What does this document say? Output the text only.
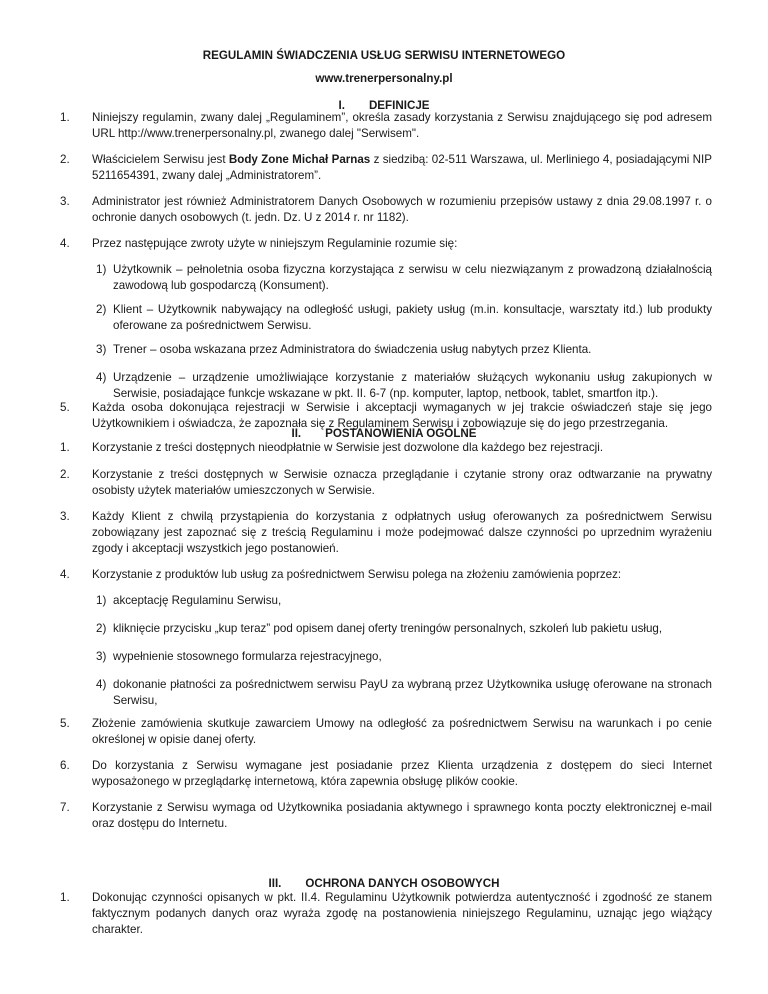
REGULAMIN ŚWIADCZENIA USŁUG SERWISU INTERNETOWEGO
www.trenerpersonalny.pl
I. DEFINICJE
1.	Niniejszy regulamin, zwany dalej „Regulaminem”, określa zasady korzystania z Serwisu znajdującego się pod adresem URL http://www.trenerpersonalny.pl, zwanego dalej "Serwisem".
2.	Właścicielem Serwisu jest Body Zone Michał Parnas z siedzibą: 02-511 Warszawa, ul. Merliniego 4, posiadającymi NIP 5211654391, zwany dalej „Administratorem”.
3.	Administrator jest również Administratorem Danych Osobowych w rozumieniu przepisów ustawy z dnia 29.08.1997 r. o ochronie danych osobowych (t. jedn. Dz. U z 2014 r. nr 1182).
4.	Przez następujące zwroty użyte w niniejszym Regulaminie rozumie się:
1) Użytkownik – pełnoletnia osoba fizyczna korzystająca z serwisu w celu niezwiązanym z prowadzoną działalnością zawodową lub gospodarczą (Konsument).
2) Klient – Użytkownik nabywający na odległość usługi, pakiety usług (m.in. konsultacje, warsztaty itd.) lub produkty oferowane za pośrednictwem Serwisu.
3) Trener – osoba wskazana przez Administratora do świadczenia usług nabytych przez Klienta.
4) Urządzenie – urządzenie umożliwiające korzystanie z materiałów służących wykonaniu usług zakupionych w Serwisie, posiadające funkcje wskazane w pkt. II. 6-7 (np. komputer, laptop, netbook, tablet, smartfon itp.).
5.	Każda osoba dokonująca rejestracji w Serwisie i akceptacji wymaganych w jej trakcie oświadczeń staje się jego Użytkownikiem i oświadcza, że zapoznała się z Regulaminem Serwisu i zobowiązuje się do jego przestrzegania.
II. POSTANOWIENIA OGÓLNE
1.	Korzystanie z treści dostępnych nieodpłatnie w Serwisie jest dozwolone dla każdego bez rejestracji.
2.	Korzystanie z treści dostępnych w Serwisie oznacza przeglądanie i czytanie strony oraz odtwarzanie na prywatny osobisty użytek materiałów umieszczonych w Serwisie.
3.	Każdy Klient z chwilą przystąpienia do korzystania z odpłatnych usług oferowanych za pośrednictwem Serwisu zobowiązany jest zapoznać się z treścią Regulaminu i może podejmować dalsze czynności po uprzednim wyrażeniu zgody i akceptacji wszystkich jego postanowień.
4.	Korzystanie z produktów lub usług za pośrednictwem Serwisu polega na złożeniu zamówienia poprzez:
1) akceptację Regulaminu Serwisu,
2) kliknięcie przycisku „kup teraz” pod opisem danej oferty treningów personalnych, szkoleń lub pakietu usług,
3) wypełnienie stosownego formularza rejestracyjnego,
4) dokonanie płatności za pośrednictwem serwisu PayU za wybraną przez Użytkownika usługę oferowane na stronach Serwisu,
5.	Złożenie zamówienia skutkuje zawarciem Umowy na odległość za pośrednictwem Serwisu na warunkach i po cenie określonej w opisie danej oferty.
6.	Do korzystania z Serwisu wymagane jest posiadanie przez Klienta urządzenia z dostępem do sieci Internet wyposażonego w przeglądarkę internetową, która zapewnia obsługę plików cookie.
7.	Korzystanie z Serwisu wymaga od Użytkownika posiadania aktywnego i sprawnego konta poczty elektronicznej e-mail oraz dostępu do Internetu.
III. OCHRONA DANYCH OSOBOWYCH
1.	Dokonując czynności opisanych w pkt. II.4. Regulaminu Użytkownik potwierdza autentyczność i zgodność ze stanem faktycznym podanych danych oraz wyraża zgodę na postanowienia niniejszego Regulaminu, uznając jego wiążący charakter.
